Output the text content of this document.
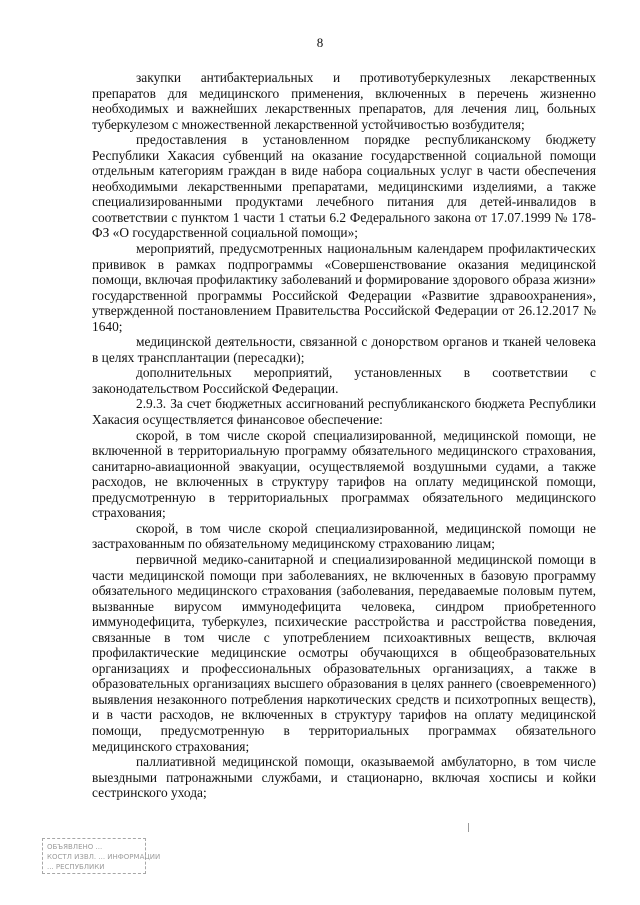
8

закупки антибактериальных и противотуберкулезных лекарственных препаратов для медицинского применения, включенных в перечень жизненно необходимых и важнейших лекарственных препаратов, для лечения лиц, больных туберкулезом с множественной лекарственной устойчивостью возбудителя;

предоставления в установленном порядке республиканскому бюджету Республики Хакасия субвенций на оказание государственной социальной помощи отдельным категориям граждан в виде набора социальных услуг в части обеспечения необходимыми лекарственными препаратами, медицинскими изделиями, а также специализированными продуктами лечебного питания для детей-инвалидов в соответствии с пунктом 1 части 1 статьи 6.2 Федерального закона от 17.07.1999 № 178-ФЗ «О государственной социальной помощи»;

мероприятий, предусмотренных национальным календарем профилактических прививок в рамках подпрограммы «Совершенствование оказания медицинской помощи, включая профилактику заболеваний и формирование здорового образа жизни» государственной программы Российской Федерации «Развитие здравоохранения», утвержденной постановлением Правительства Российской Федерации от 26.12.2017 № 1640;

медицинской деятельности, связанной с донорством органов и тканей человека в целях трансплантации (пересадки);

дополнительных мероприятий, установленных в соответствии с законодательством Российской Федерации.

2.9.3. За счет бюджетных ассигнований республиканского бюджета Республики Хакасия осуществляется финансовое обеспечение:

скорой, в том числе скорой специализированной, медицинской помощи, не включенной в территориальную программу обязательного медицинского страхования, санитарно-авиационной эвакуации, осуществляемой воздушными судами, а также расходов, не включенных в структуру тарифов на оплату медицинской помощи, предусмотренную в территориальных программах обязательного медицинского страхования;

скорой, в том числе скорой специализированной, медицинской помощи не застрахованным по обязательному медицинскому страхованию лицам;

первичной медико-санитарной и специализированной медицинской помощи в части медицинской помощи при заболеваниях, не включенных в базовую программу обязательного медицинского страхования (заболевания, передаваемые половым путем, вызванные вирусом иммунодефицита человека, синдром приобретенного иммунодефицита, туберкулез, психические расстройства и расстройства поведения, связанные в том числе с употреблением психоактивных веществ, включая профилактические медицинские осмотры обучающихся в общеобразовательных организациях и профессиональных образовательных организациях, а также в образовательных организациях высшего образования в целях раннего (своевременного) выявления незаконного потребления наркотических средств и психотропных веществ), и в части расходов, не включенных в структуру тарифов на оплату медицинской помощи, предусмотренную в территориальных программах обязательного медицинского страхования;

паллиативной медицинской помощи, оказываемой амбулаторно, в том числе выездными патронажными службами, и стационарно, включая хосписы и койки сестринского ухода;

ОБЪЯВЛЕНО ...
КОСТЛ ИЗВЛ. ... ИНФОРМАЦИИ
... РЕСПУБЛИКИ
